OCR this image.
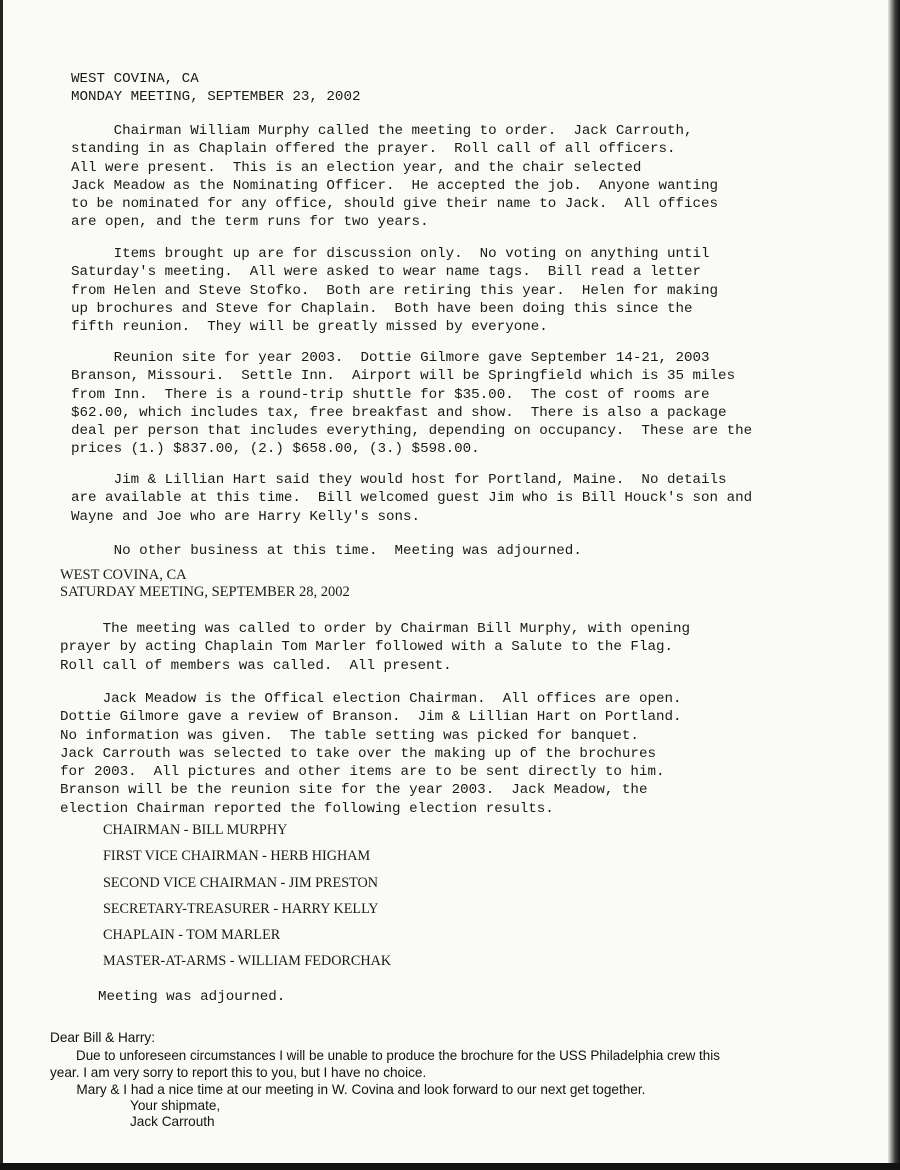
WEST COVINA, CA

MONDAY MEETING, SEPTEMBER 23, 2002

Chairman William Murphy called the meeting to order.  Jack Carrouth,
standing in as Chaplain offered the prayer.  Roll call of all officers.
All were present.  This is an election year, and the chair selected
Jack Meadow as the Nominating Officer.  He accepted the job.  Anyone wanting
to be nominated for any office, should give their name to Jack.  All offices
are open, and the term runs for two years.

Items brought up are for discussion only.  No voting on anything until
Saturday's meeting.  All were asked to wear name tags.  Bill read a letter
from Helen and Steve Stofko.  Both are retiring this year.  Helen for making
up brochures and Steve for Chaplain.  Both have been doing this since the
fifth reunion.  They will be greatly missed by everyone.

Reunion site for year 2003.  Dottie Gilmore gave September 14-21, 2003
Branson, Missouri.  Settle Inn.  Airport will be Springfield which is 35 miles
from Inn.  There is a round-trip shuttle for $35.00.  The cost of rooms are
$62.00, which includes tax, free breakfast and show.  There is also a package
deal per person that includes everything, depending on occupancy.  These are the
prices (1.) $837.00, (2.) $658.00, (3.) $598.00.

Jim & Lillian Hart said they would host for Portland, Maine.  No details
are available at this time.  Bill welcomed guest Jim who is Bill Houck's son and
Wayne and Joe who are Harry Kelly's sons.

No other business at this time.  Meeting was adjourned.

WEST COVINA, CA

SATURDAY MEETING, SEPTEMBER 28, 2002

The meeting was called to order by Chairman Bill Murphy, with opening
prayer by acting Chaplain Tom Marler followed with a Salute to the Flag.
Roll call of members was called.  All present.

Jack Meadow is the Offical election Chairman.  All offices are open.
Dottie Gilmore gave a review of Branson.  Jim & Lillian Hart on Portland.
No information was given.  The table setting was picked for banquet.
Jack Carrouth was selected to take over the making up of the brochures
for 2003.  All pictures and other items are to be sent directly to him.
Branson will be the reunion site for the year 2003.  Jack Meadow, the
election Chairman reported the following election results.

CHAIRMAN - BILL MURPHY
FIRST VICE CHAIRMAN - HERB HIGHAM
SECOND VICE CHAIRMAN - JIM PRESTON
SECRETARY-TREASURER - HARRY KELLY
CHAPLAIN - TOM MARLER
MASTER-AT-ARMS - WILLIAM FEDORCHAK

Meeting was adjourned.

Dear Bill & Harry:

Due to unforeseen circumstances I will be unable to produce the brochure for the USS Philadelphia crew this

year. I am very sorry to report this to you, but I have no choice.

Mary & I had a nice time at our meeting in W. Covina and look forward to our next get together.

Your shipmate,

Jack Carrouth
